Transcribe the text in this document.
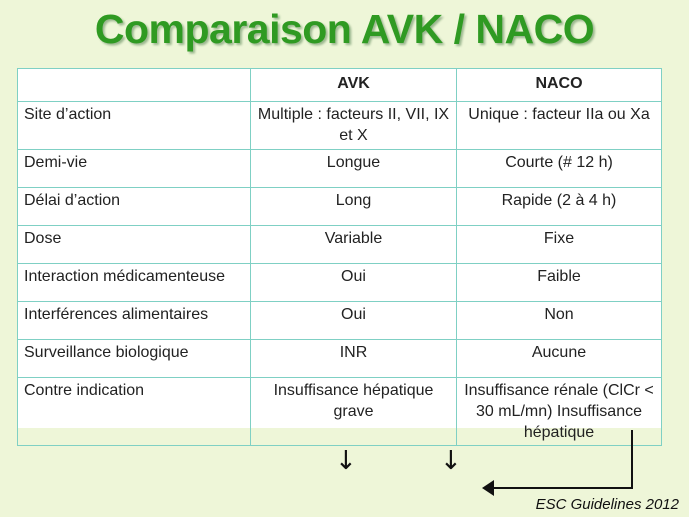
Comparaison AVK / NACO
	AVK	NACO
Site d’action	Multiple : facteurs II, VII, IX et X	Unique : facteur IIa ou Xa
Demi-vie	Longue	Courte (# 12 h)
Délai d’action	Long	Rapide (2 à 4 h)
Dose	Variable	Fixe
Interaction médicamenteuse	Oui	Faible
Interférences alimentaires	Oui	Non
Surveillance biologique	INR	Aucune
Contre indication	Insuffisance hépatique grave	Insuffisance rénale (ClCr < 30 mL/mn) Insuffisance hépatique
↓	↓
ESC Guidelines 2012
